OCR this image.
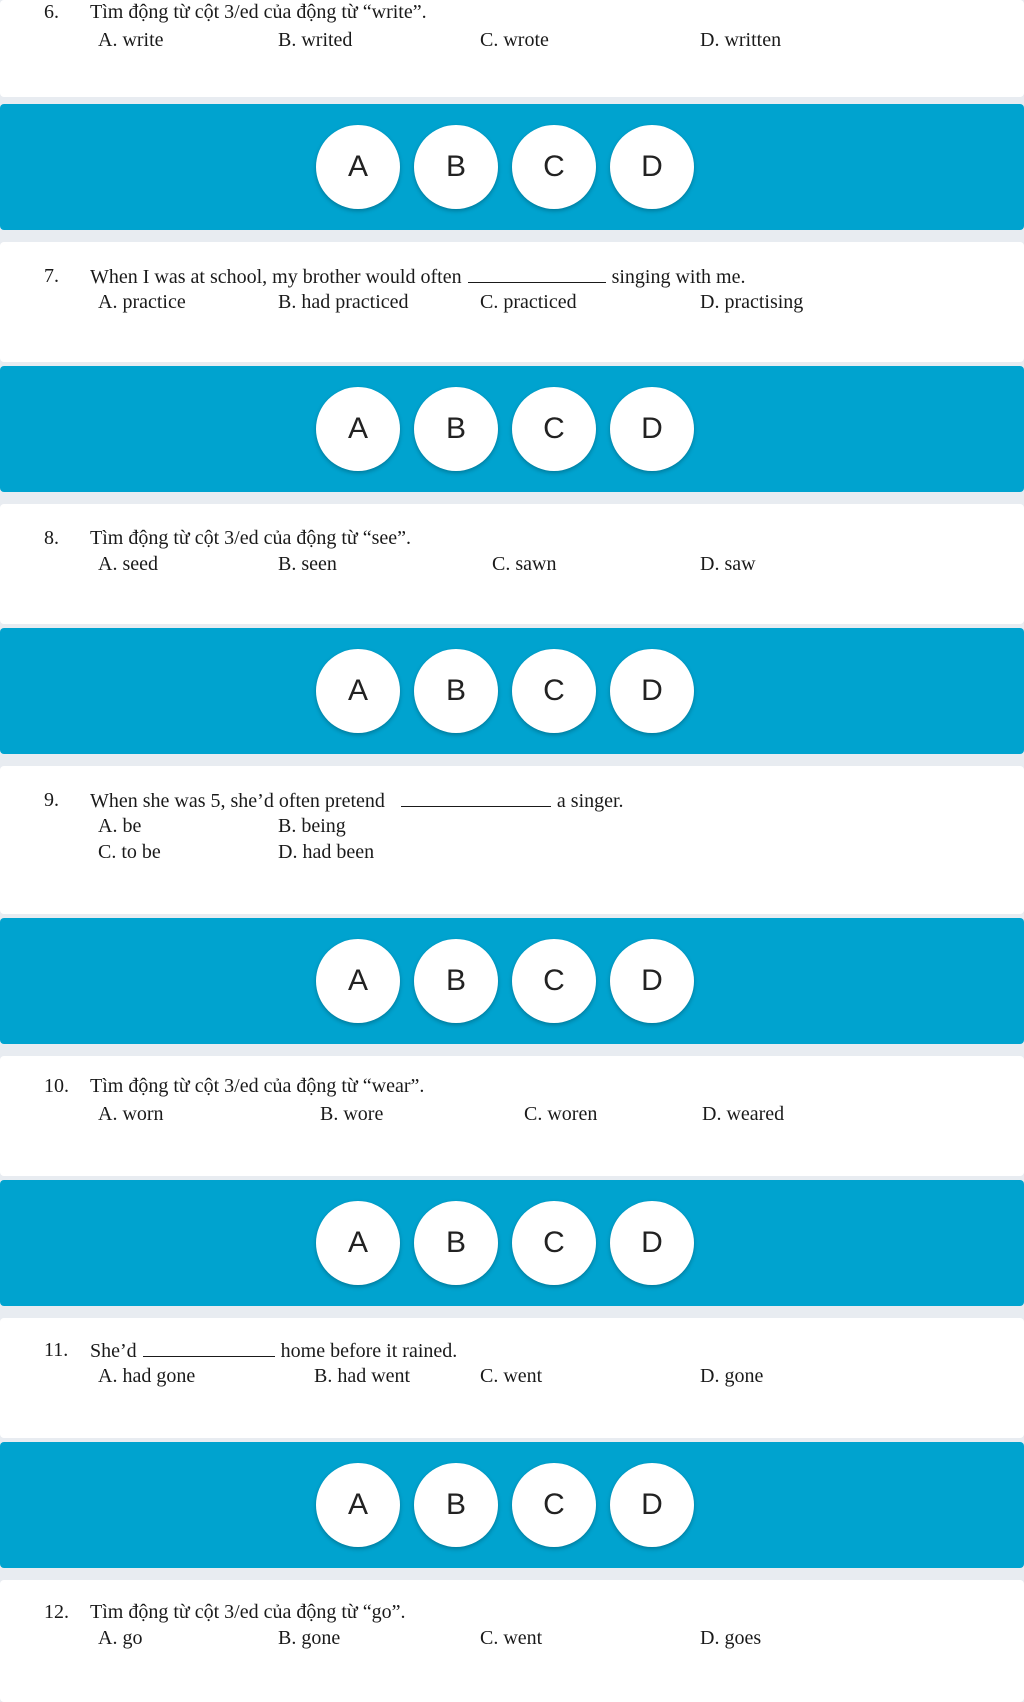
6. Tìm động từ cột 3/ed của động từ “write”.
A. write	B. writed	C. wrote	D. written
A	B	C	D
7. When I was at school, my brother would often	singing with me.
A. practice	B. had practiced	C. practiced	D. practising
A	B	C	D
8. Tìm động từ cột 3/ed của động từ “see”.
A. seed	B. seen	C. sawn	D. saw
A	B	C	D
9. When she was 5, she’d often pretend	a singer.
A. be	B. being
C. to be	D. had been
A	B	C	D
10. Tìm động từ cột 3/ed của động từ “wear”.
A. worn	B. wore	C. woren	D. weared
A	B	C	D
11. She’d	home before it rained.
A. had gone	B. had went	C. went	D. gone
A	B	C	D
12. Tìm động từ cột 3/ed của động từ “go”.
A. go	B. gone	C. went	D. goes
